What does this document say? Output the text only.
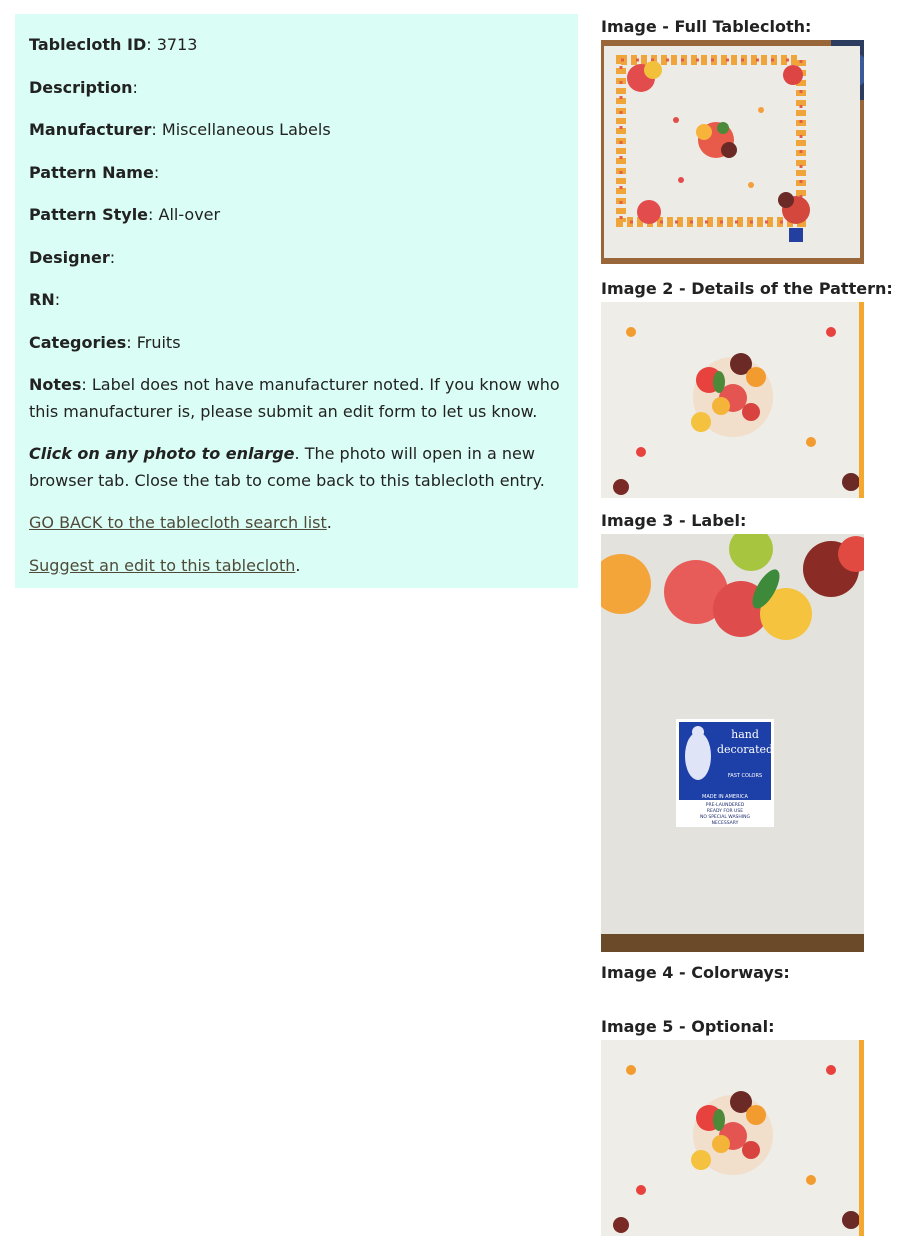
Tablecloth ID: 3713

Description:

Manufacturer: Miscellaneous Labels

Pattern Name:

Pattern Style: All-over

Designer:

RN:

Categories: Fruits

Notes: Label does not have manufacturer noted. If you know who this manufacturer is, please submit an edit form to let us know.

Click on any photo to enlarge. The photo will open in a new browser tab. Close the tab to come back to this tablecloth entry.

GO BACK to the tablecloth search list.

Suggest an edit to this tablecloth.

Image - Full Tablecloth:

Image 2 - Details of the Pattern:

Image 3 - Label:

hand
decorated
FAST COLORS
MADE IN AMERICA
PRE-LAUNDERED
READY FOR USE
NO SPECIAL WASHING
NECESSARY

Image 4 - Colorways:

Image 5 - Optional:
